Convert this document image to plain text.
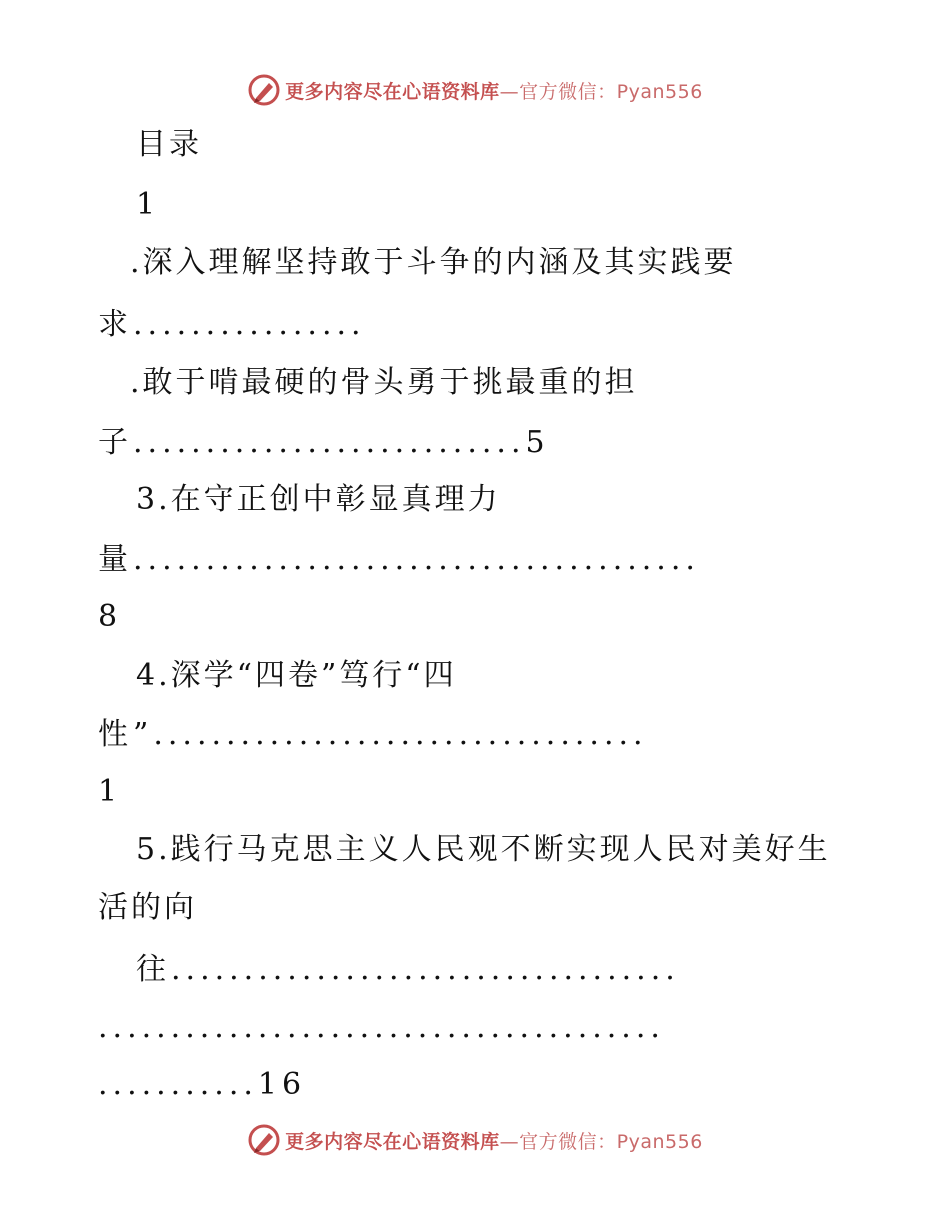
更多内容尽在心语资料库—官方微信：Pyan556
目录
1
.深入理解坚持敢于斗争的内涵及其实践要
求................
.敢于啃最硬的骨头勇于挑最重的担
子...........................5
3.在守正创中彰显真理力
量.......................................
8
4.深学“四卷”笃行“四
性”..................................
1
5.践行马克思主义人民观不断实现人民对美好生
活的向
往...................................
.......................................
...........16
更多内容尽在心语资料库—官方微信：Pyan556
